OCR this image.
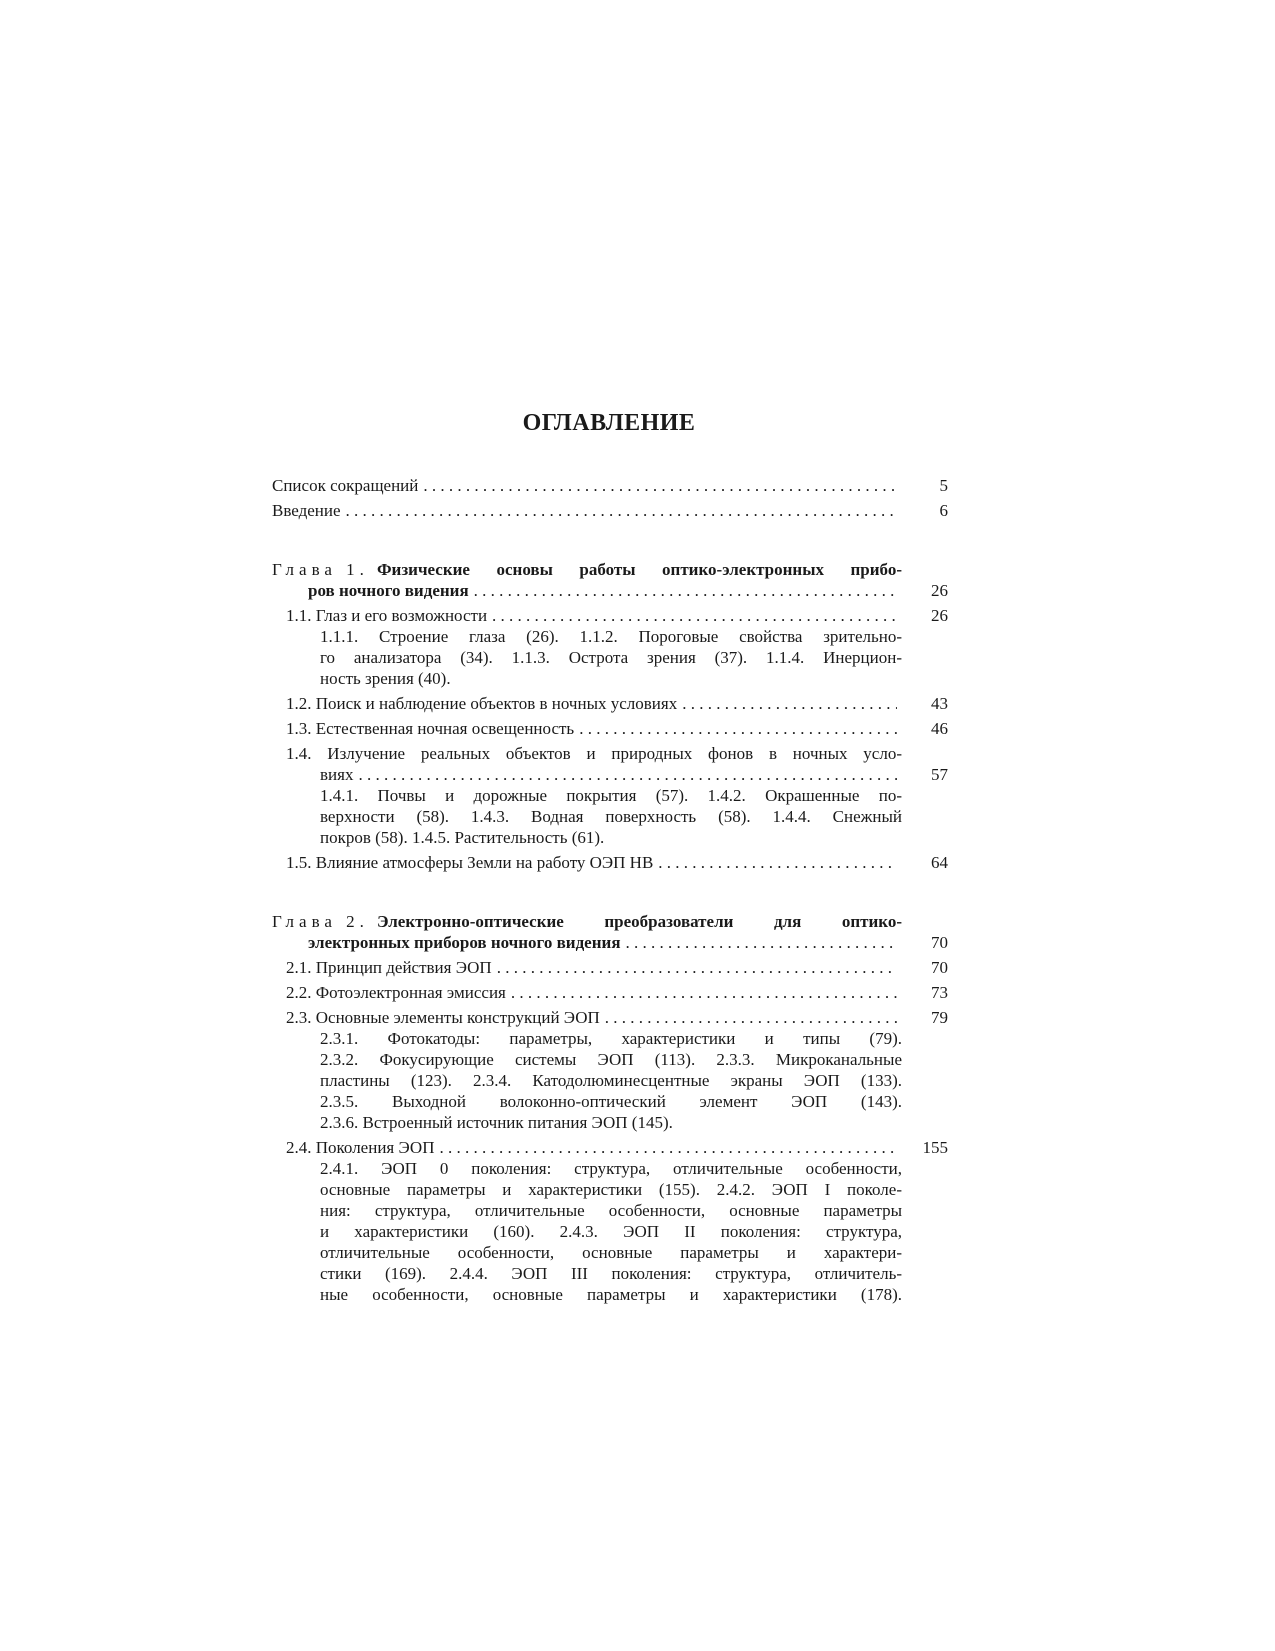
ОГЛАВЛЕНИЕ
Список сокращений . . .	5
Введение . . .	6
Глава 1. Физические основы работы оптико-электронных прибо-
ров ночного видения . . .	26
1.1. Глаз и его возможности . . .	26
1.1.1. Строение глаза (26). 1.1.2. Пороговые свойства зрительно-
го анализатора (34). 1.1.3. Острота зрения (37). 1.1.4. Инерцион-
ность зрения (40).
1.2. Поиск и наблюдение объектов в ночных условиях . . .	43
1.3. Естественная ночная освещенность . . .	46
1.4. Излучение реальных объектов и природных фонов в ночных усло-
виях . . .	57
1.4.1. Почвы и дорожные покрытия (57). 1.4.2. Окрашенные по-
верхности (58). 1.4.3. Водная поверхность (58). 1.4.4. Снежный
покров (58). 1.4.5. Растительность (61).
1.5. Влияние атмосферы Земли на работу ОЭП НВ . . .	64
Глава 2. Электронно-оптические преобразователи для оптико-
электронных приборов ночного видения . . .	70
2.1. Принцип действия ЭОП . . .	70
2.2. Фотоэлектронная эмиссия . . .	73
2.3. Основные элементы конструкций ЭОП . . .	79
2.3.1. Фотокатоды: параметры, характеристики и типы (79).
2.3.2. Фокусирующие системы ЭОП (113). 2.3.3. Микроканальные
пластины (123). 2.3.4. Катодолюминесцентные экраны ЭОП (133).
2.3.5. Выходной волоконно-оптический элемент ЭОП (143).
2.3.6. Встроенный источник питания ЭОП (145).
2.4. Поколения ЭОП . . .	155
2.4.1. ЭОП 0 поколения: структура, отличительные особенности,
основные параметры и характеристики (155). 2.4.2. ЭОП I поколе-
ния: структура, отличительные особенности, основные параметры
и характеристики (160). 2.4.3. ЭОП II поколения: структура,
отличительные особенности, основные параметры и характери-
стики (169). 2.4.4. ЭОП III поколения: структура, отличитель-
ные особенности, основные параметры и характеристики (178).
